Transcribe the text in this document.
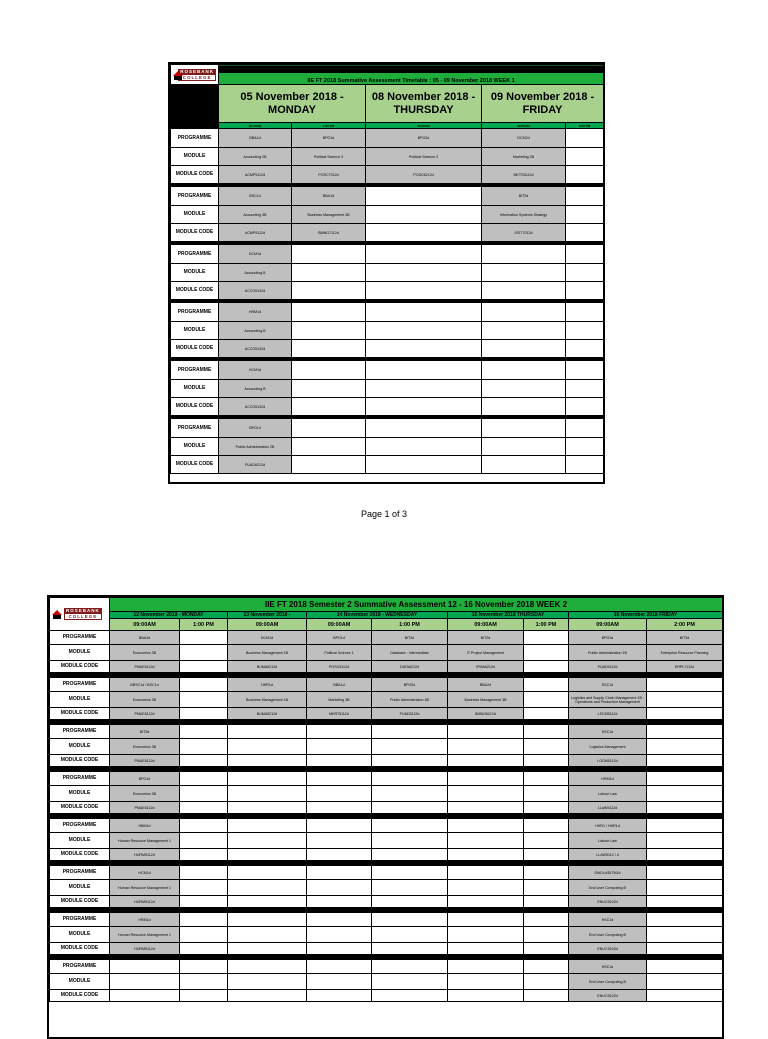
ROSEBANK
COLLEGE	IIE FT 2018 Summative Assessment Timetable : 05 - 09 November 2018 WEEK 1				
	05 November 2018 - MONDAY		08 November 2018 - THURSDAY	09 November 2018 - FRIDAY	
	09:00AM	1:00 PM	09:00AM	09:00AM	2:00 PM
PROGRAMME	BBA1d	BPO1d	BPO2d	DCM2d	
MODULE	Accounting 2B	Political Science 3	Political Science 2	Marketing 2B	
MODULE CODE	ACMP5112d	POSC7012d	POSC6212d	MKTG5112d	

PROGRAMME	BSC1d	BBA1d		BIT2d	
MODULE	Accounting 3B	Business Management 3B		Information Systems Strategy	
MODULE CODE	ACMP5112d	BMNG7112d		ISST7012d	

PROGRAMME	DCM1d				
MODULE	Accounting B				
MODULE CODE	ACCO5132d				

PROGRAMME	HRM1d				
MODULE	Accounting B				
MODULE CODE	ACCO5132d				

PROGRAMME	HCM1d				
MODULE	Accounting B				
MODULE CODE	ACCO5132d				

PROGRAMME	BPO1d				
MODULE	Public Administration 2B				
MODULE CODE	PUAD6212d				
Page 1 of 3
ROSEBANK
COLLEGE	IIE FT 2018 Semester 2 Summative Assessment 12 - 16 November 2018 WEEK 2								
	12 November 2018 - MONDAY		13 November 2018 -	14 November 2018 - WEDNESDAY		15 November 2018 THURSDAY		16 November 2018 FRIDAY	
	09:00AM	1:00 PM	09:00AM	09:00AM	1:00 PM	09:00AM	1:00 PM	09:00AM	2:00 PM
PROGRAMME	BBA3d		DCM1d	BPO1d	BIT2d	BIT2d		BPO1d	BIT3d
MODULE	Economics 3B		Business Management 1B	Political Science 1	Database : Intermediate	IT Project Management		Public Administration 1B	Enterprise Resource Planning
MODULE CODE	PMAE6112d		BUMA5212d	POSC5112d	DATA6212d	IPMA6212d		PUAD5112d	ERPL7112d

PROGRAMME	BBSC1d / BSC1d		HHR1d	BBA1d	BPO2d	BBA2d		DSC1d	
MODULE	Economics 3B		Business Management 1B	Marketing 3B	Public Administration 3B	Business Management 3B		Logistics and Supply Chain Management 1B : Operations and Production Management	
MODULE CODE	PMAE6112d		BUMA5212d	MKRT5112d	PUAD5112d	BMNG6212d		LSCM5112d	

PROGRAMME	BIT3d							HSC1d	
MODULE	Economics 3B							Logistics Management	
MODULE CODE	PMAE6112d							LOGM5112d	

PROGRAMME	BPO1d							HRM1d	
MODULE	Economics 3B							Labour Law	
MODULE CODE	PMAE6112d							LLAW5112d	

PROGRAMME	HBM1d							HHR1 / HHR1d	
MODULE	Human Resource Management 1							Labour Law	
MODULE CODE	HURM5112d							LLAW5112 / d	

PROGRAMME	HCM1d							DMD1d/DITM1d	
MODULE	Human Resource Management 1							End User Computing B	
MODULE CODE	HURM5112d							ENUC5102d	

PROGRAMME	HRM1d							HSC1d	
MODULE	Human Resource Management 1							End User Computing B	
MODULE CODE	HURM5112d							ENUC5102d	

PROGRAMME								HSC1d	
MODULE								End User Computing B	
MODULE CODE								ENUC5102d	
